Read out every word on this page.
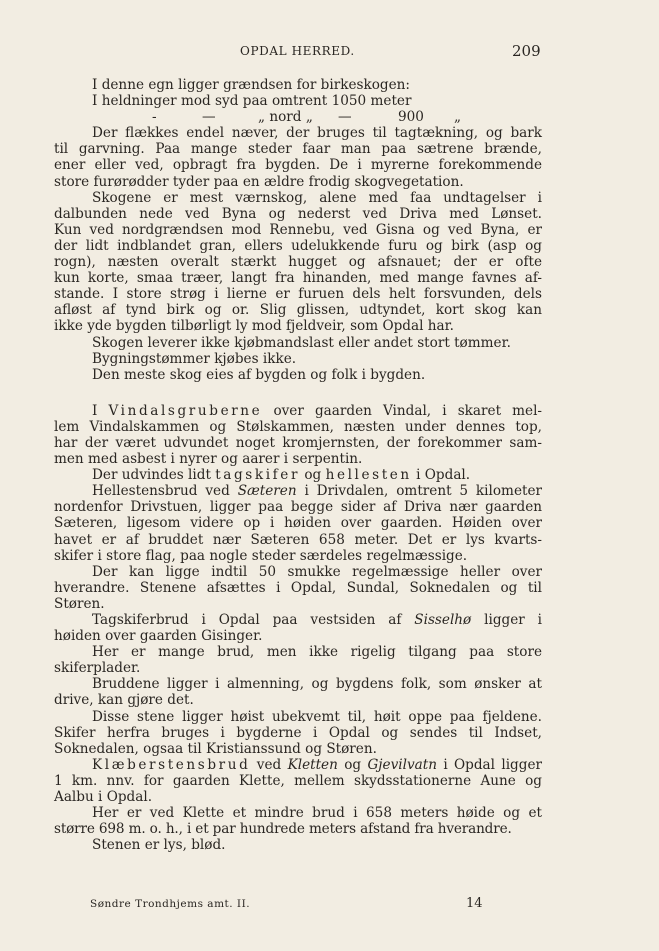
OPDAL HERRED.	209
I denne egn ligger grændsen for birkeskogen:
I heldninger mod syd paa omtrent 1050 meter
-	—	„ nord „ —	900 „
Der flækkes endel næver, der bruges til tagtækning, og bark
til garvning. Paa mange steder faar man paa sætrene brænde,
ener eller ved, opbragt fra bygden. De i myrerne forekommende
store furørødder tyder paa en ældre frodig skogvegetation.
Skogene er mest værnskog, alene med faa undtagelser i
dalbunden nede ved Byna og nederst ved Driva med Lønset.
Kun ved nordgrændsen mod Rennebu, ved Gisna og ved Byna, er
der lidt indblandet gran, ellers udelukkende furu og birk (asp og
rogn), næsten overalt stærkt hugget og afsnauet; der er ofte
kun korte, smaa træer, langt fra hinanden, med mange favnes af-
stande. I store strøg i lierne er furuen dels helt forsvunden, dels
afløst af tynd birk og or. Slig glissen, udtyndet, kort skog kan
ikke yde bygden tilbørligt ly mod fjeldveir, som Opdal har.
Skogen leverer ikke kjøbmandslast eller andet stort tømmer.
Bygningstømmer kjøbes ikke.
Den meste skog eies af bygden og folk i bygden.
I Vindalsgruberne over gaarden Vindal, i skaret mel-
lem Vindalskammen og Stølskammen, næsten under dennes top,
har der været udvundet noget kromjernsten, der forekommer sam-
men med asbest i nyrer og aarer i serpentin.
Der udvindes lidt tagskifer og hellesten i Opdal.
Hellestensbrud ved Sæteren i Drivdalen, omtrent 5 kilometer
nordenfor Drivstuen, ligger paa begge sider af Driva nær gaarden
Sæteren, ligesom videre op i høiden over gaarden. Høiden over
havet er af bruddet nær Sæteren 658 meter. Det er lys kvarts-
skifer i store flag, paa nogle steder særdeles regelmæssige.
Der kan ligge indtil 50 smukke regelmæssige heller over
hverandre. Stenene afsættes i Opdal, Sundal, Soknedalen og til
Støren.
Tagskiferbrud i Opdal paa vestsiden af Sisselhø ligger i
høiden over gaarden Gisinger.
Her er mange brud, men ikke rigelig tilgang paa store
skiferplader.
Bruddene ligger i almenning, og bygdens folk, som ønsker at
drive, kan gjøre det.
Disse stene ligger høist ubekvemt til, høit oppe paa fjeldene.
Skifer herfra bruges i bygderne i Opdal og sendes til Indset,
Soknedalen, ogsaa til Kristianssund og Støren.
Klæberstensbrud ved Kletten og Gjevilvatn i Opdal ligger
1 km. nnv. for gaarden Klette, mellem skydsstationerne Aune og
Aalbu i Opdal.
Her er ved Klette et mindre brud i 658 meters høide og et
større 698 m. o. h., i et par hundrede meters afstand fra hverandre.
Stenen er lys, blød.
Søndre Trondhjems amt. II.	14
